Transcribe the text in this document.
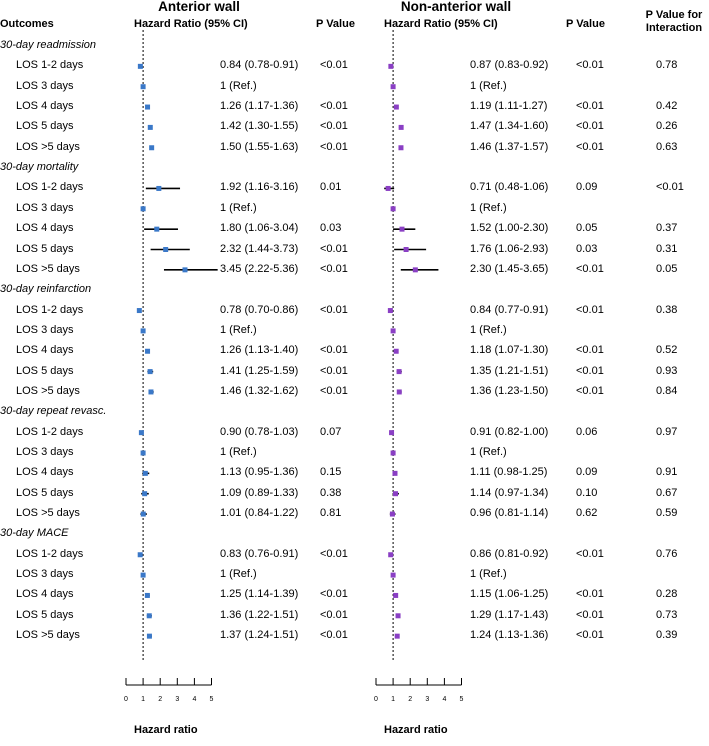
Outcomes
Anterior wall	Non-anterior wall
Hazard Ratio (95% CI)	P Value	Hazard Ratio (95% CI)	P Value
P Value for
Interaction
30-day readmission
LOS 1-2 days	0.84 (0.78-0.91) <0.01	0.87 (0.83-0.92)	<0.01	0.78
LOS 3 days	1 (Ref.)	1 (Ref.)
LOS 4 days	1.26 (1.17-1.36) <0.01	1.19 (1.11-1.27)	<0.01	0.42
LOS 5 days	1.42 (1.30-1.55) <0.01	1.47 (1.34-1.60)	<0.01	0.26
LOS >5 days	1.50 (1.55-1.63) <0.01	1.46 (1.37-1.57)	<0.01	0.63
30-day mortality
LOS 1-2 days	1.92 (1.16-3.16) 0.01	0.71 (0.48-1.06)	0.09	<0.01
LOS 3 days	1 (Ref.)	1 (Ref.)
LOS 4 days	1.80 (1.06-3.04) 0.03	1.52 (1.00-2.30)	0.05	0.37
LOS 5 days	2.32 (1.44-3.73) <0.01	1.76 (1.06-2.93)	0.03	0.31
LOS >5 days	3.45 (2.22-5.36) <0.01	2.30 (1.45-3.65)	<0.01	0.05
30-day reinfarction
LOS 1-2 days	0.78 (0.70-0.86) <0.01	0.84 (0.77-0.91)	<0.01	0.38
LOS 3 days	1 (Ref.)	1 (Ref.)
LOS 4 days	1.26 (1.13-1.40) <0.01	1.18 (1.07-1.30)	<0.01	0.52
LOS 5 days	1.41 (1.25-1.59) <0.01	1.35 (1.21-1.51)	<0.01	0.93
LOS >5 days	1.46 (1.32-1.62) <0.01	1.36 (1.23-1.50)	<0.01	0.84
30-day repeat revasc.
LOS 1-2 days	0.90 (0.78-1.03) 0.07	0.91 (0.82-1.00)	0.06	0.97
LOS 3 days	1 (Ref.)	1 (Ref.)
LOS 4 days	1.13 (0.95-1.36) 0.15	1.11 (0.98-1.25)	0.09	0.91
LOS 5 days	1.09 (0.89-1.33) 0.38	1.14 (0.97-1.34)	0.10	0.67
LOS >5 days	1.01 (0.84-1.22) 0.81	0.96 (0.81-1.14)	0.62	0.59
30-day MACE
LOS 1-2 days	0.83 (0.76-0.91) <0.01	0.86 (0.81-0.92)	<0.01	0.76
LOS 3 days	1 (Ref.)	1 (Ref.)
LOS 4 days	1.25 (1.14-1.39) <0.01	1.15 (1.06-1.25)	<0.01	0.28
LOS 5 days	1.36 (1.22-1.51) <0.01	1.29 (1.17-1.43)	<0.01	0.73
LOS >5 days	1.37 (1.24-1.51) <0.01	1.24 (1.13-1.36)	<0.01	0.39
Hazard ratio	Hazard ratio
0 1 2 3 4 5	0 1 2 3 4 5
